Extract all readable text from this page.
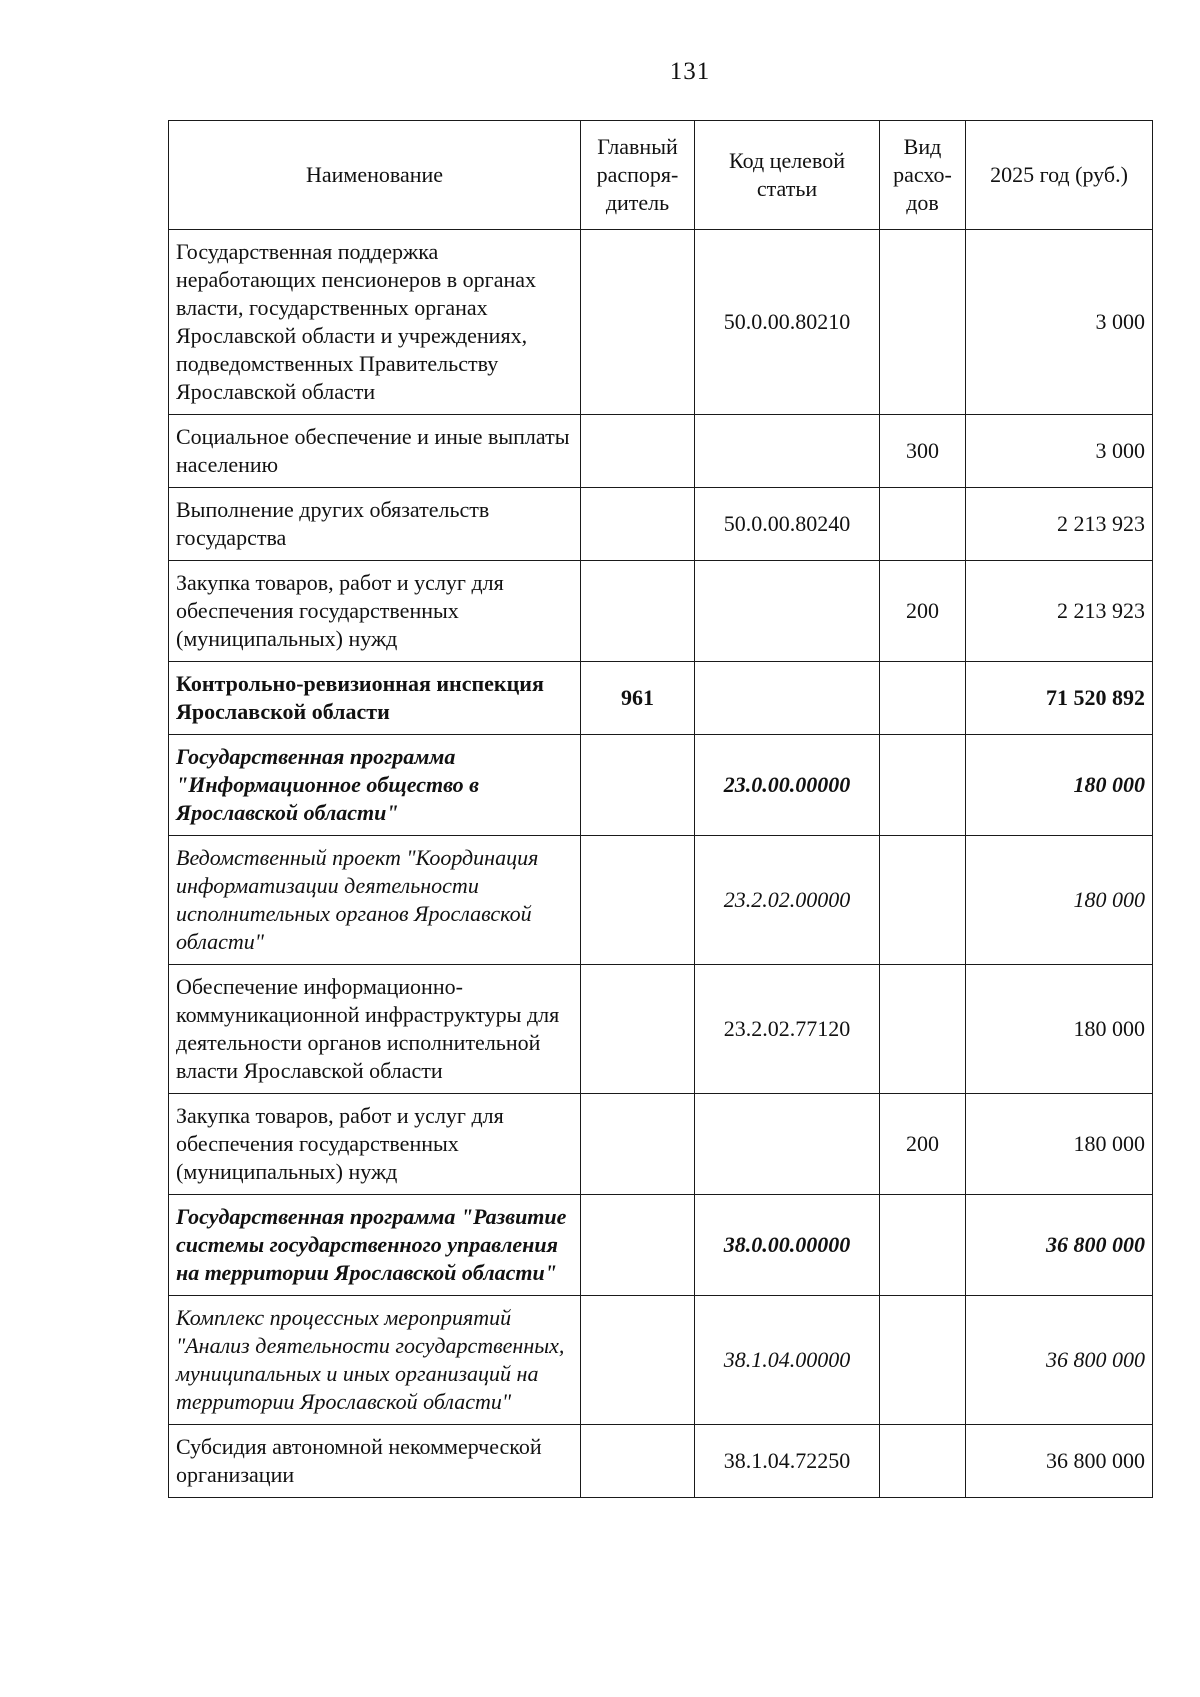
131
Наименование	Главный распоря-дитель	Код целевой статьи	Вид расхо-дов	2025 год (руб.)
Государственная поддержка неработающих пенсионеров в органах власти, государственных органах Ярославской области и учреждениях, подведомственных Правительству Ярославской области		50.0.00.80210		3 000
Социальное обеспечение и иные выплаты населению			300	3 000
Выполнение других обязательств государства		50.0.00.80240		2 213 923
Закупка товаров, работ и услуг для обеспечения государственных (муниципальных) нужд			200	2 213 923
Контрольно-ревизионная инспекция Ярославской области	961			71 520 892
Государственная программа "Информационное общество в Ярославской области"		23.0.00.00000		180 000
Ведомственный проект "Координация информатизации деятельности исполнительных органов Ярославской области"		23.2.02.00000		180 000
Обеспечение информационно-коммуникационной инфраструктуры для деятельности органов исполнительной власти Ярославской области		23.2.02.77120		180 000
Закупка товаров, работ и услуг для обеспечения государственных (муниципальных) нужд			200	180 000
Государственная программа "Развитие системы государственного управления на территории Ярославской области"		38.0.00.00000		36 800 000
Комплекс процессных мероприятий "Анализ деятельности государственных, муниципальных и иных организаций на территории Ярославской области"		38.1.04.00000		36 800 000
Субсидия автономной некоммерческой организации		38.1.04.72250		36 800 000
